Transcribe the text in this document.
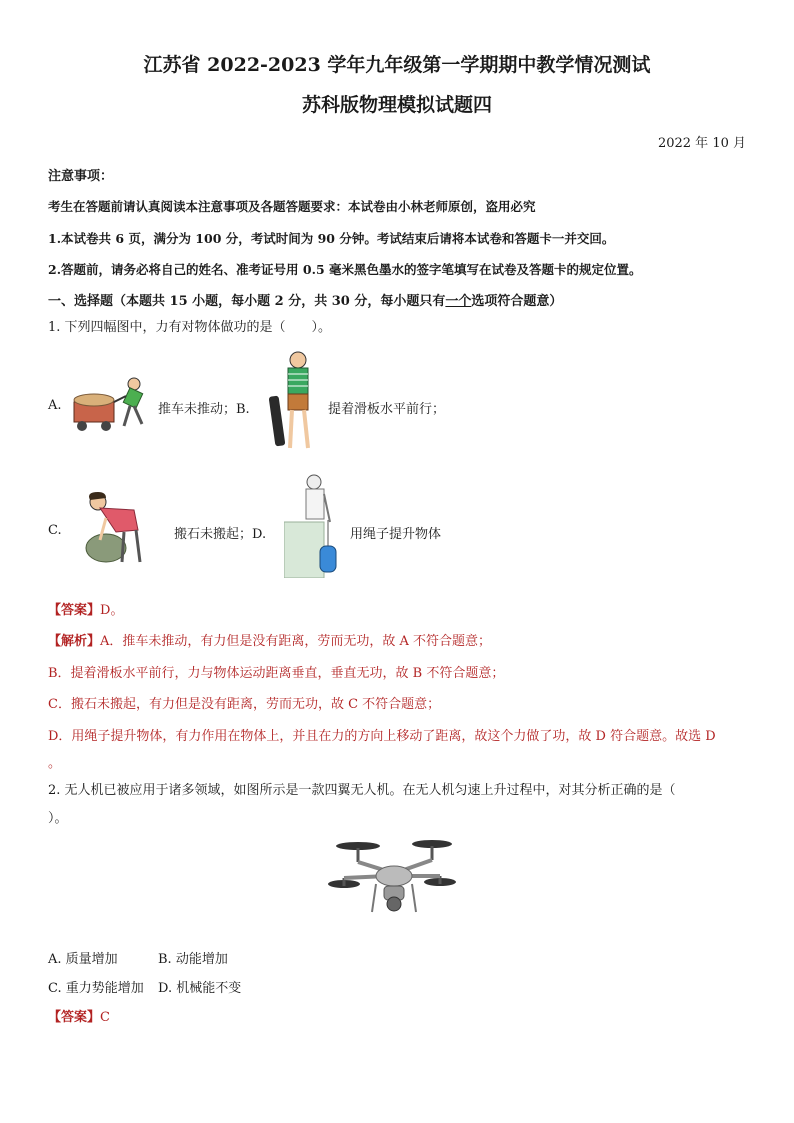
江苏省 2022-2023 学年九年级第一学期期中教学情况测试
苏科版物理模拟试题四
2022 年 10 月
注意事项：
考生在答题前请认真阅读本注意事项及各题答题要求：本试卷由小林老师原创，盗用必究
1.本试卷共 6 页，满分为 100 分，考试时间为 90 分钟。考试结束后请将本试卷和答题卡一并交回。
2.答题前，请务必将自己的姓名、准考证号用 0.5 毫米黑色墨水的签字笔填写在试卷及答题卡的规定位置。
一、选择题（本题共 15 小题，每小题 2 分，共 30 分，每小题只有一个选项符合题意）
1. 下列四幅图中，力有对物体做功的是（　　）。
A.	推车未推动；B.	提着滑板水平前行；
C.	搬石未搬起；D.	用绳子提升物体
【答案】D。
【解析】A．推车未推动，有力但是没有距离，劳而无功，故 A 不符合题意；
B．提着滑板水平前行，力与物体运动距离垂直，垂直无功，故 B 不符合题意；
C．搬石未搬起，有力但是没有距离，劳而无功，故 C 不符合题意；
D．用绳子提升物体，有力作用在物体上，并且在力的方向上移动了距离，故这个力做了功，故 D 符合题意。故选 D
。
2. 无人机已被应用于诸多领域，如图所示是一款四翼无人机。在无人机匀速上升过程中，对其分析正确的是（
）。
A. 质量增加	B. 动能增加
C. 重力势能增加 D. 机械能不变
【答案】C
